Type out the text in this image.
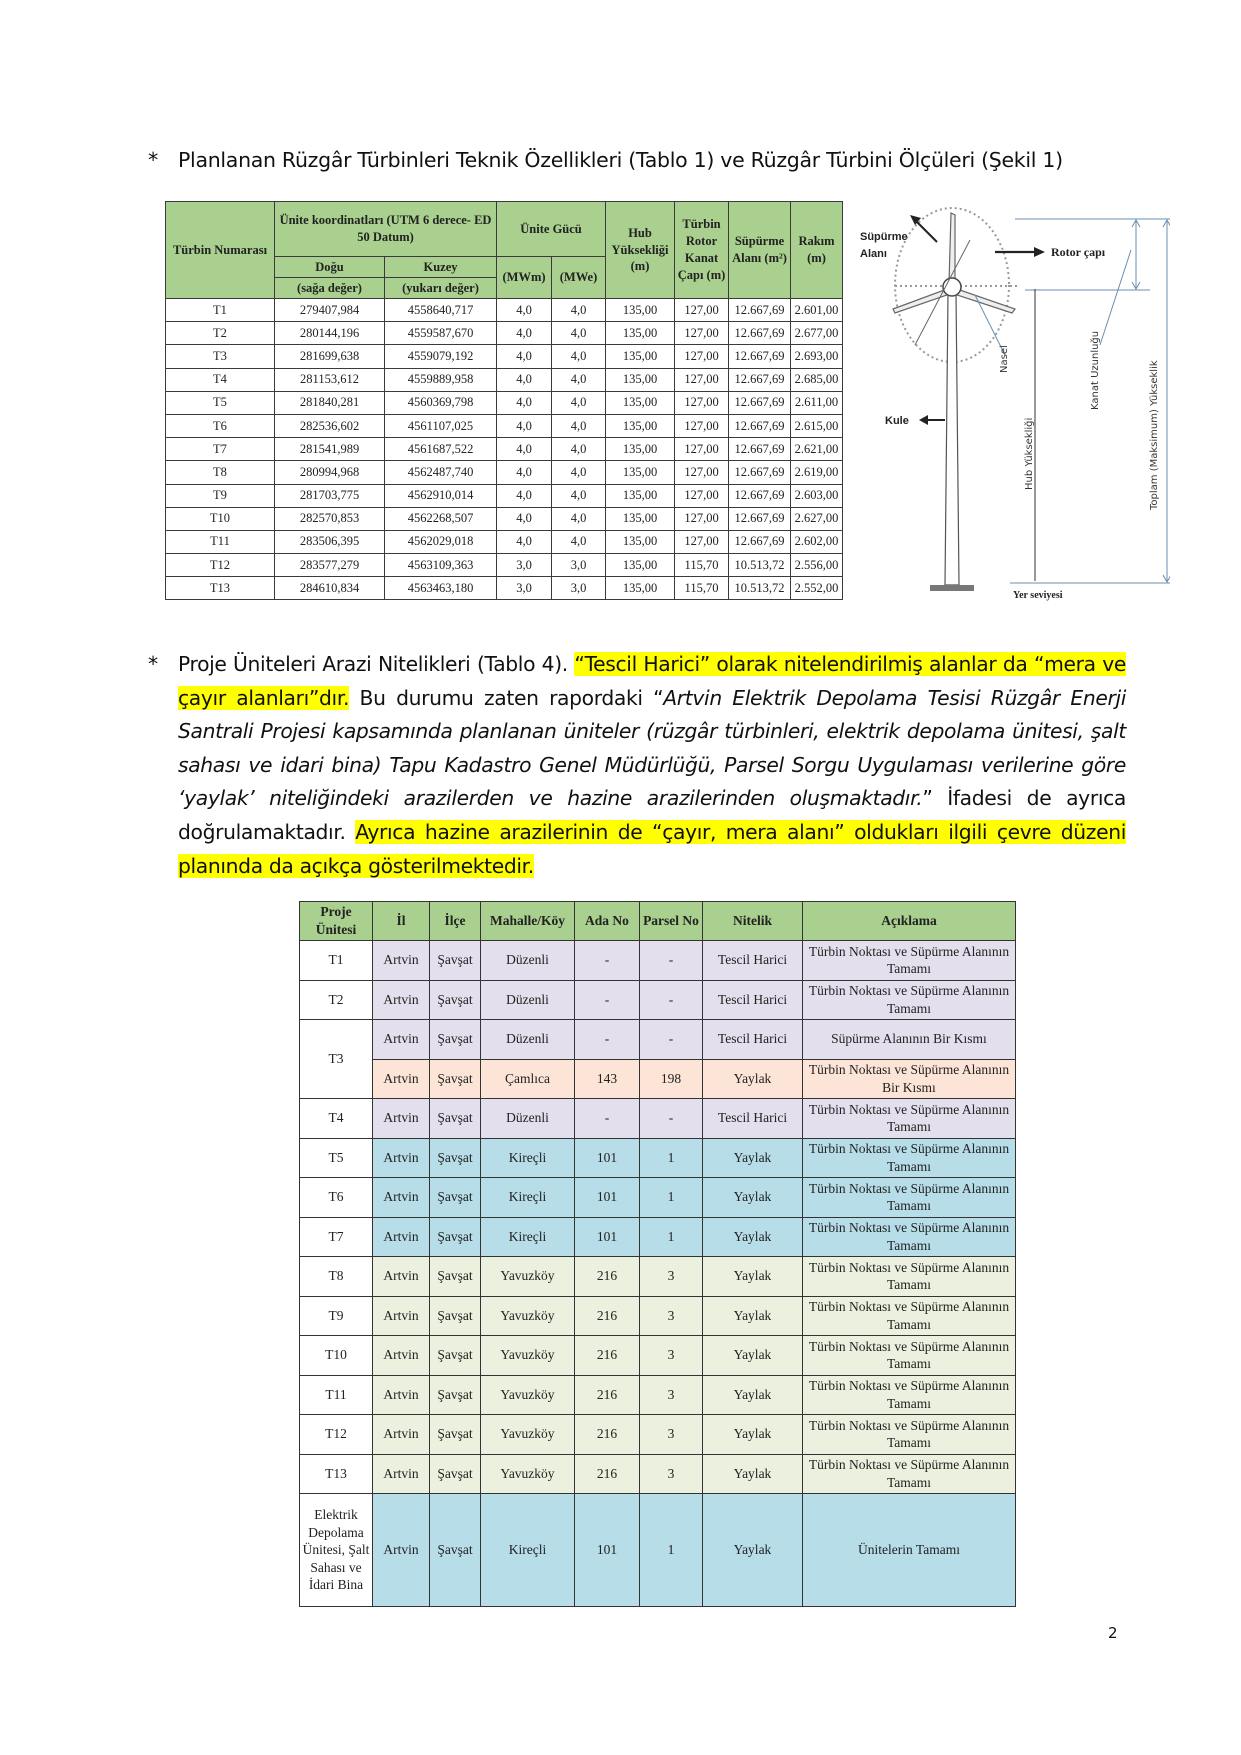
* Planlanan Rüzgâr Türbinleri Teknik Özellikleri (Tablo 1) ve Rüzgâr Türbini Ölçüleri (Şekil 1)
Türbin Numarası	Ünite koordinatları (UTM 6 derece- ED 50 Datum)		Ünite Gücü		Hub Yüksekliği (m)	Türbin Rotor Kanat Çapı (m)	Süpürme Alanı (m²)	Rakım (m)
	Doğu	Kuzey	(MWm)	(MWe)				
	(sağa değer)	(yukarı değer)						
T1	279407,984	4558640,717	4,0	4,0	135,00	127,00	12.667,69	2.601,00
T2	280144,196	4559587,670	4,0	4,0	135,00	127,00	12.667,69	2.677,00
T3	281699,638	4559079,192	4,0	4,0	135,00	127,00	12.667,69	2.693,00
T4	281153,612	4559889,958	4,0	4,0	135,00	127,00	12.667,69	2.685,00
T5	281840,281	4560369,798	4,0	4,0	135,00	127,00	12.667,69	2.611,00
T6	282536,602	4561107,025	4,0	4,0	135,00	127,00	12.667,69	2.615,00
T7	281541,989	4561687,522	4,0	4,0	135,00	127,00	12.667,69	2.621,00
T8	280994,968	4562487,740	4,0	4,0	135,00	127,00	12.667,69	2.619,00
T9	281703,775	4562910,014	4,0	4,0	135,00	127,00	12.667,69	2.603,00
T10	282570,853	4562268,507	4,0	4,0	135,00	127,00	12.667,69	2.627,00
T11	283506,395	4562029,018	4,0	4,0	135,00	127,00	12.667,69	2.602,00
T12	283577,279	4563109,363	3,0	3,0	135,00	115,70	10.513,72	2.556,00
T13	284610,834	4563463,180	3,0	3,0	135,00	115,70	10.513,72	2.552,00
Süpürme
Alanı	Rotor çapı
Nasel	Kanat Uzunluğu
Hub Yüksekliği	Toplam (Maksimum) Yükseklik
Kule
Yer seviyesi
* Proje Üniteleri Arazi Nitelikleri (Tablo 4). “Tescil Harici” olarak nitelendirilmiş alanlar da “mera ve çayır alanları”dır. Bu durumu zaten rapordaki “Artvin Elektrik Depolama Tesisi Rüzgâr Enerji Santrali Projesi kapsamında planlanan üniteler (rüzgâr türbinleri, elektrik depolama ünitesi, şalt sahası ve idari bina) Tapu Kadastro Genel Müdürlüğü, Parsel Sorgu Uygulaması verilerine göre ‘yaylak’ niteliğindeki arazilerden ve hazine arazilerinden oluşmaktadır.” İfadesi de ayrıca doğrulamaktadır. Ayrıca hazine arazilerinin de “çayır, mera alanı” oldukları ilgili çevre düzeni planında da açıkça gösterilmektedir.
Proje Ünitesi	İl	İlçe	Mahalle/Köy	Ada No	Parsel No	Nitelik	Açıklama
T1	Artvin	Şavşat	Düzenli	-	-	Tescil Harici	Türbin Noktası ve Süpürme Alanının Tamamı
T2	Artvin	Şavşat	Düzenli	-	-	Tescil Harici	Türbin Noktası ve Süpürme Alanının Tamamı
T3	Artvin	Şavşat	Düzenli	-	-	Tescil Harici	Süpürme Alanının Bir Kısmı
	Artvin	Şavşat	Çamlıca	143	198	Yaylak	Türbin Noktası ve Süpürme Alanının Bir Kısmı
T4	Artvin	Şavşat	Düzenli	-	-	Tescil Harici	Türbin Noktası ve Süpürme Alanının Tamamı
T5	Artvin	Şavşat	Kireçli	101	1	Yaylak	Türbin Noktası ve Süpürme Alanının Tamamı
T6	Artvin	Şavşat	Kireçli	101	1	Yaylak	Türbin Noktası ve Süpürme Alanının Tamamı
T7	Artvin	Şavşat	Kireçli	101	1	Yaylak	Türbin Noktası ve Süpürme Alanının Tamamı
T8	Artvin	Şavşat	Yavuzköy	216	3	Yaylak	Türbin Noktası ve Süpürme Alanının Tamamı
T9	Artvin	Şavşat	Yavuzköy	216	3	Yaylak	Türbin Noktası ve Süpürme Alanının Tamamı
T10	Artvin	Şavşat	Yavuzköy	216	3	Yaylak	Türbin Noktası ve Süpürme Alanının Tamamı
T11	Artvin	Şavşat	Yavuzköy	216	3	Yaylak	Türbin Noktası ve Süpürme Alanının Tamamı
T12	Artvin	Şavşat	Yavuzköy	216	3	Yaylak	Türbin Noktası ve Süpürme Alanının Tamamı
T13	Artvin	Şavşat	Yavuzköy	216	3	Yaylak	Türbin Noktası ve Süpürme Alanının Tamamı
Elektrik Depolama Ünitesi, Şalt Sahası ve İdari Bina	Artvin	Şavşat	Kireçli	101	1	Yaylak	Ünitelerin Tamamı
2
